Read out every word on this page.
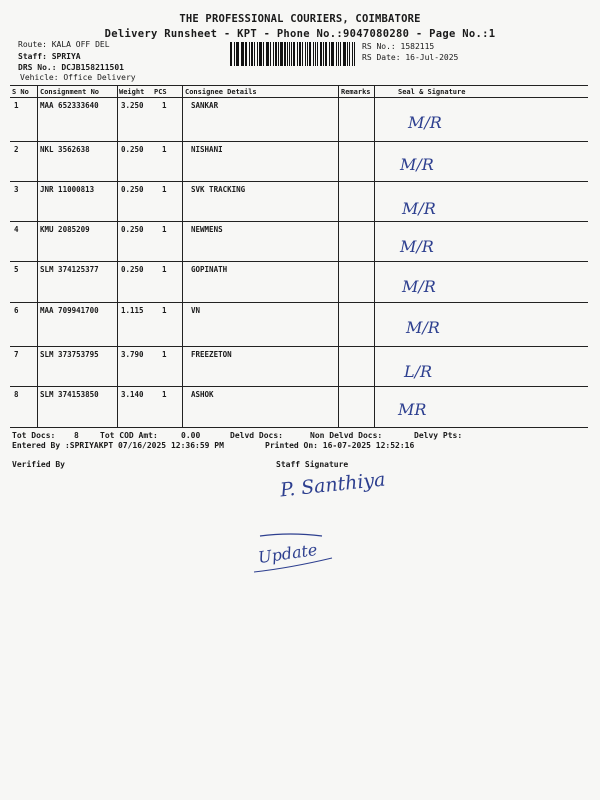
THE PROFESSIONAL COURIERS, COIMBATORE
Delivery Runsheet - KPT - Phone No.:9047080280 - Page No.:1
Route: KALA OFF DEL
Staff: SPRIYA
DRS No.: DCJB158211501
Vehicle: Office Delivery
RS No.: 1582115
RS Date: 16-Jul-2025
S No Consignment No	Weight PCS	Consignee Details	Remarks	Seal & Signature
1	MAA 652333640	3.250 1	SANKAR
M/R
2	NKL 3562638	0.250 1	NISHANI
M/R
3	JNR 11000813	0.250 1	SVK TRACKING
M/R
4	KMU 2085209	0.250 1	NEWMENS
M/R
5	SLM 374125377	0.250 1	GOPINATH
M/R
6	MAA 709941700	1.115 1	VN
M/R
7	SLM 373753795	3.790 1	FREEZETON
L/R
8	SLM 374153850	3.140 1	ASHOK
MR
Tot Docs: 8	Tot COD Amt:	0.00	Delvd Docs:	Non Delvd Docs:	Delvy Pts:
Entered By :SPRIYAKPT 07/16/2025 12:36:59 PM	Printed On: 16-07-2025 12:52:16
Verified By	Staff Signature
P. Santhiya
Update
